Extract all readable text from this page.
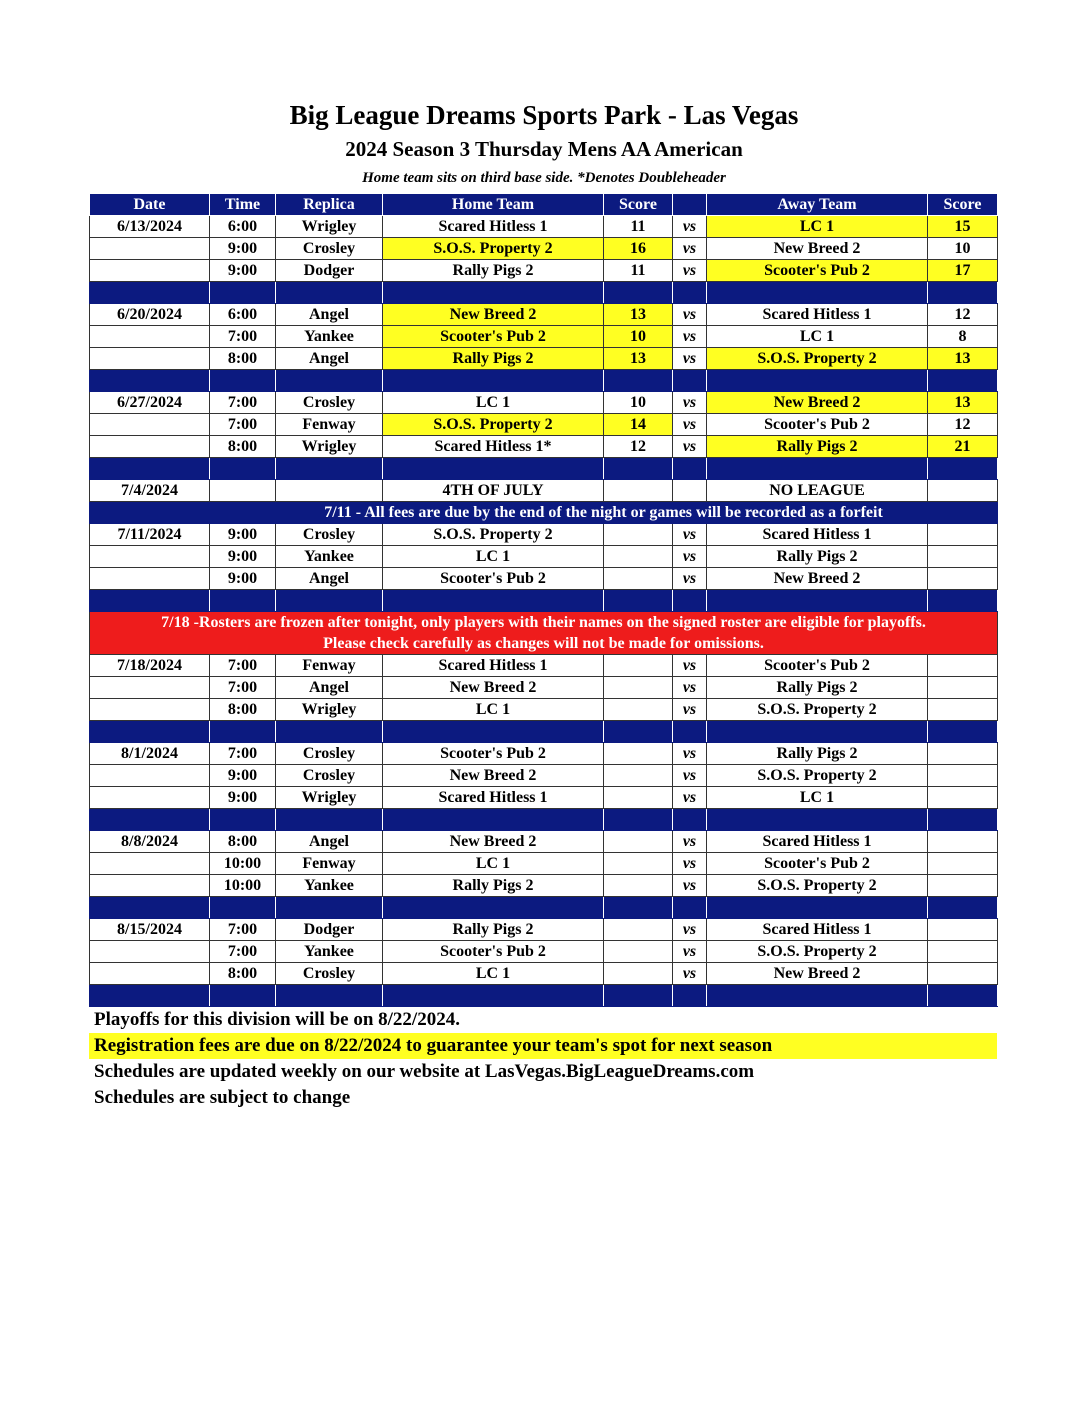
Big League Dreams Sports Park - Las Vegas
2024 Season 3 Thursday Mens AA American
Home team sits on third base side. *Denotes Doubleheader
Date	Time	Replica	Home Team	Score		Away Team	Score
6/13/2024	6:00	Wrigley	Scared Hitless 1	11	vs	LC 1	15
	9:00	Crosley	S.O.S. Property 2	16	vs	New Breed 2	10
	9:00	Dodger	Rally Pigs 2	11	vs	Scooter's Pub 2	17

6/20/2024	6:00	Angel	New Breed 2	13	vs	Scared Hitless 1	12
	7:00	Yankee	Scooter's Pub 2	10	vs	LC 1	8
	8:00	Angel	Rally Pigs 2	13	vs	S.O.S. Property 2	13

6/27/2024	7:00	Crosley	LC 1	10	vs	New Breed 2	13
	7:00	Fenway	S.O.S. Property 2	14	vs	Scooter's Pub 2	12
	8:00	Wrigley	Scared Hitless 1*	12	vs	Rally Pigs 2	21

7/4/2024			4TH OF JULY			NO LEAGUE	
	7/11 - All fees are due by the end of the night or games will be recorded as a forfeit						
7/11/2024	9:00	Crosley	S.O.S. Property 2		vs	Scared Hitless 1	
	9:00	Yankee	LC 1		vs	Rally Pigs 2	
	9:00	Angel	Scooter's Pub 2		vs	New Breed 2	

7/18 -Rosters are frozen after tonight, only players with their names on the signed roster are eligible for playoffs.
Please check carefully as changes will not be made for omissions.							

7/18/2024	7:00	Fenway	Scared Hitless 1		vs	Scooter's Pub 2	
	7:00	Angel	New Breed 2		vs	Rally Pigs 2	
	8:00	Wrigley	LC 1		vs	S.O.S. Property 2	

8/1/2024	7:00	Crosley	Scooter's Pub 2		vs	Rally Pigs 2	
	9:00	Crosley	New Breed 2		vs	S.O.S. Property 2	
	9:00	Wrigley	Scared Hitless 1		vs	LC 1	

8/8/2024	8:00	Angel	New Breed 2		vs	Scared Hitless 1	
	10:00	Fenway	LC 1		vs	Scooter's Pub 2	
	10:00	Yankee	Rally Pigs 2		vs	S.O.S. Property 2	

8/15/2024	7:00	Dodger	Rally Pigs 2		vs	Scared Hitless 1	
	7:00	Yankee	Scooter's Pub 2		vs	S.O.S. Property 2	
	8:00	Crosley	LC 1		vs	New Breed 2	

Playoffs for this division will be on 8/22/2024.
Registration fees are due on 8/22/2024 to guarantee your team's spot for next season
Schedules are updated weekly on our website at LasVegas.BigLeagueDreams.com
Schedules are subject to change
